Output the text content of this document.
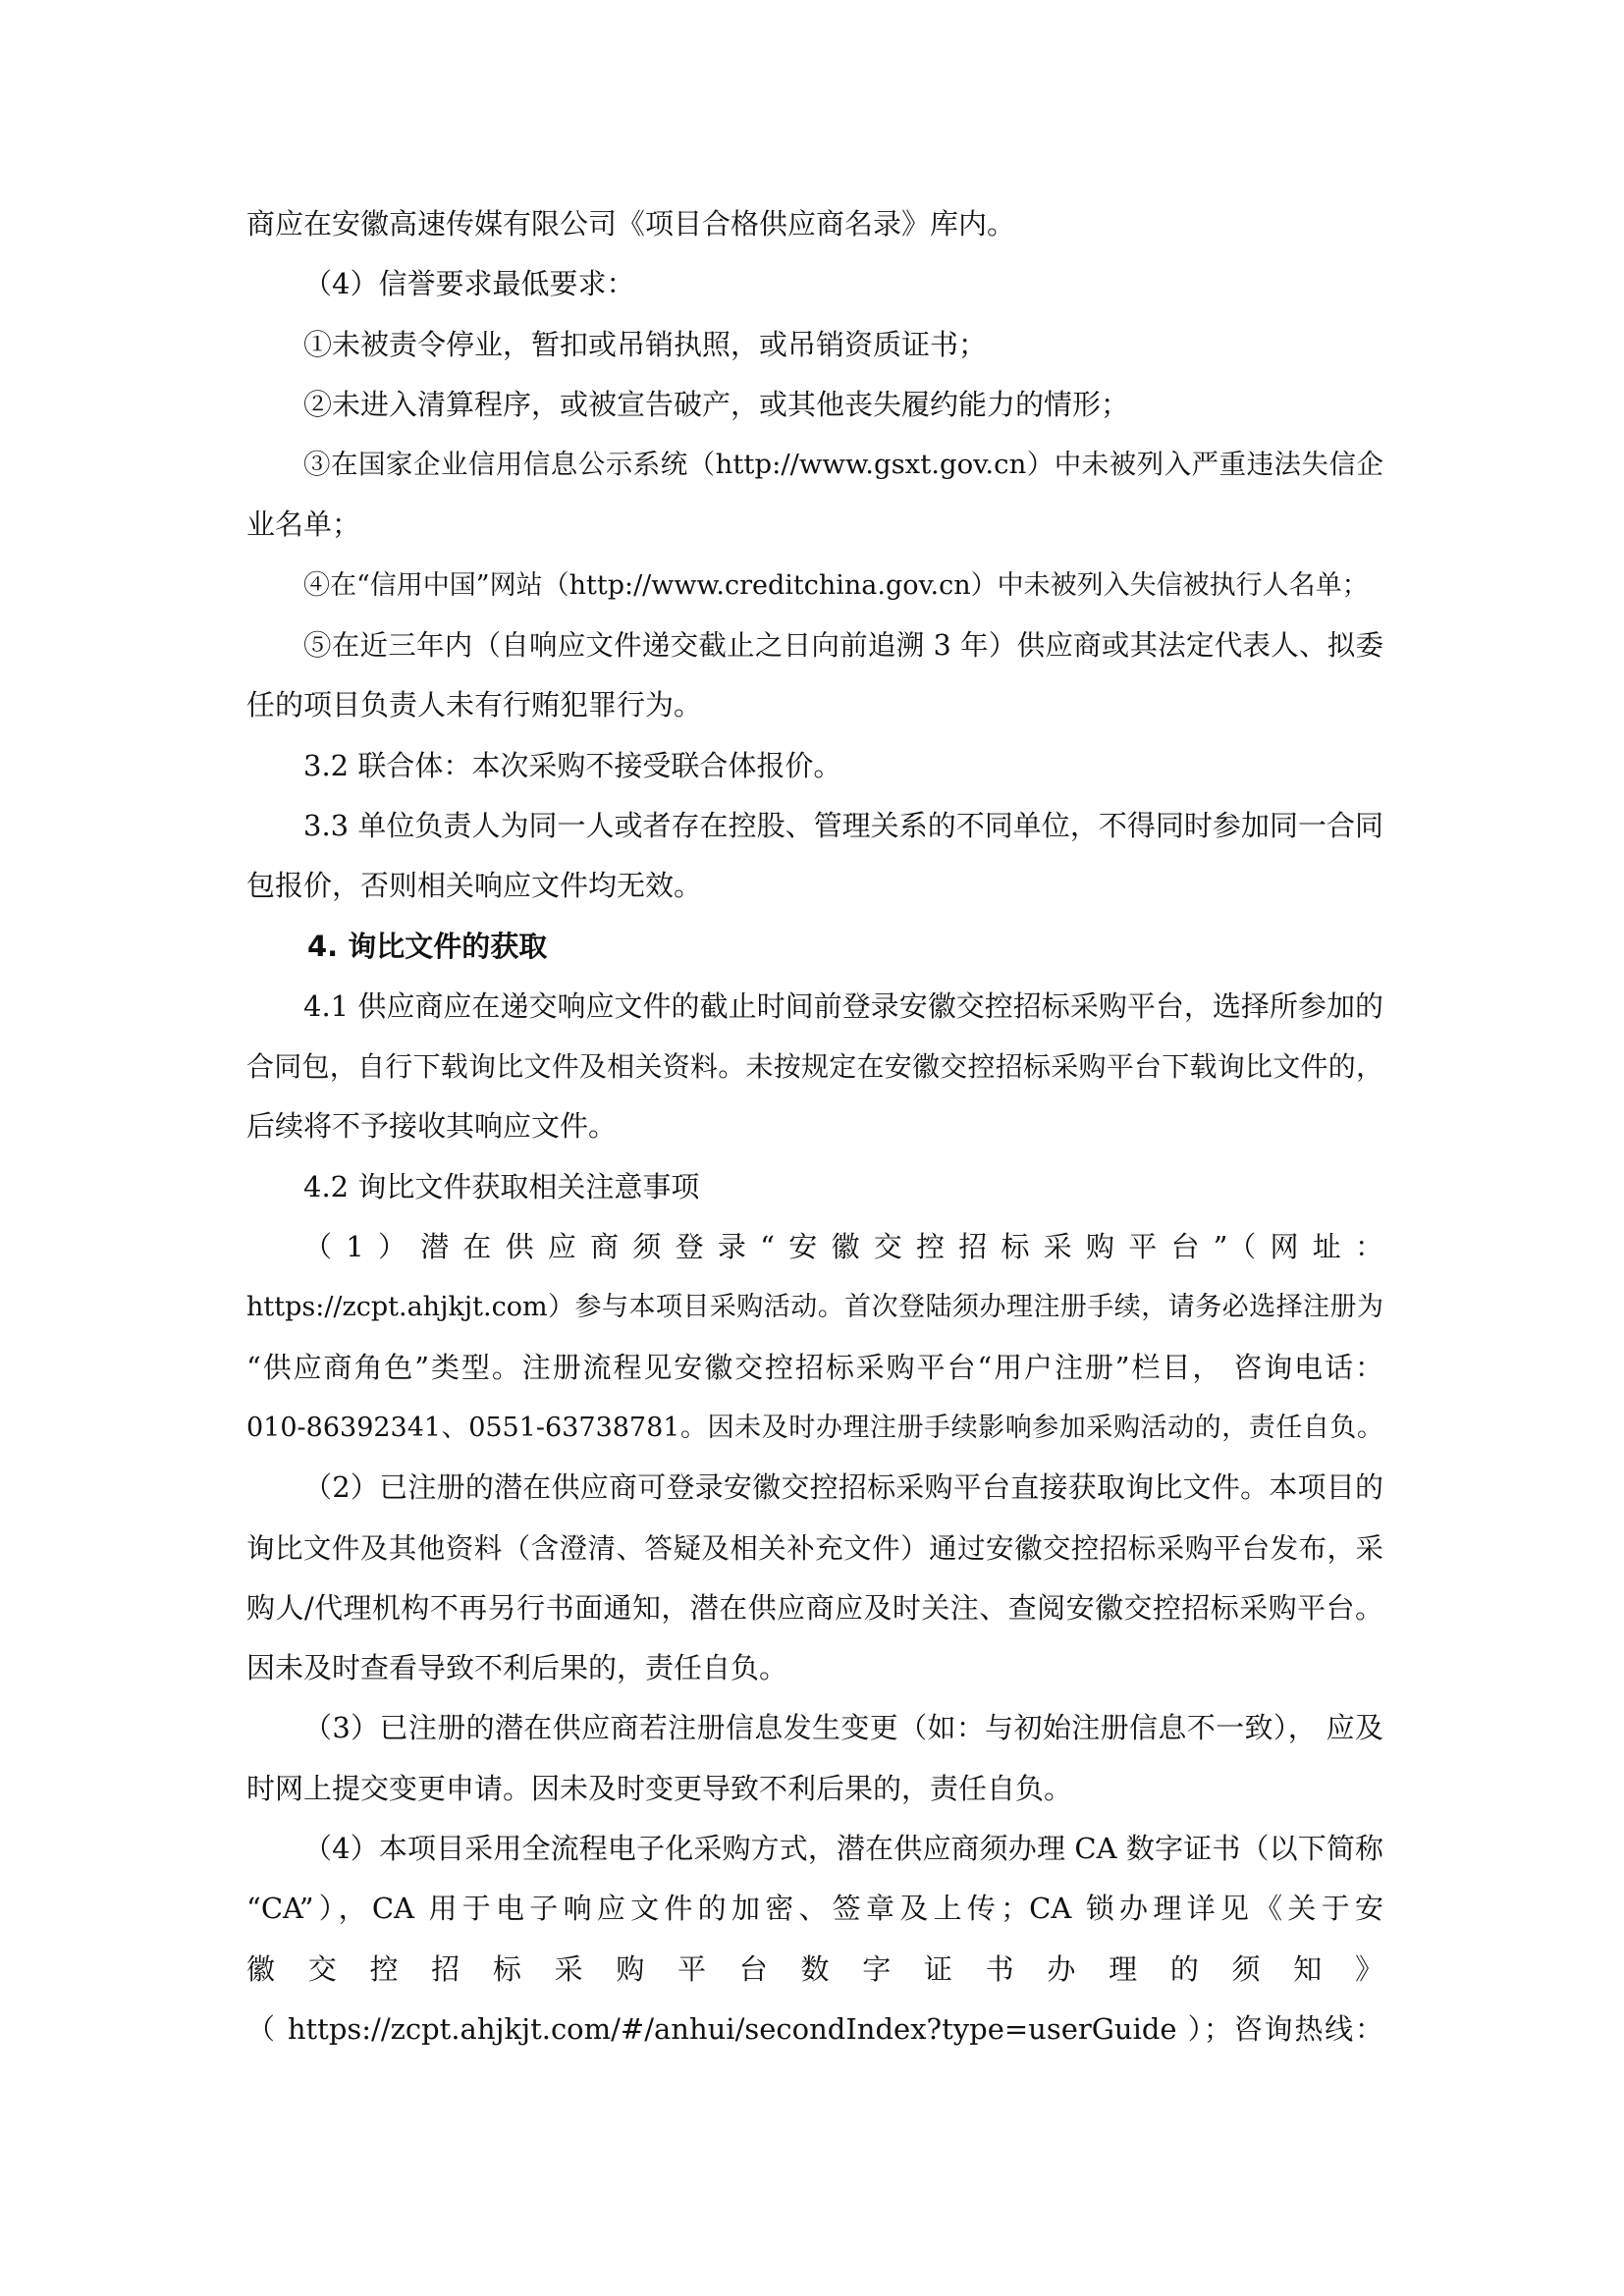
商应在安徽高速传媒有限公司《项目合格供应商名录》库内。
（4）信誉要求最低要求：
①未被责令停业，暂扣或吊销执照，或吊销资质证书；
②未进入清算程序，或被宣告破产，或其他丧失履约能力的情形；
③在国家企业信用信息公示系统（http://www.gsxt.gov.cn）中未被列入严重违法失信企
业名单；
④在“信用中国”网站（http://www.creditchina.gov.cn）中未被列入失信被执行人名单；
⑤在近三年内（自响应文件递交截止之日向前追溯 3 年）供应商或其法定代表人、拟委
任的项目负责人未有行贿犯罪行为。
3.2 联合体：本次采购不接受联合体报价。
3.3 单位负责人为同一人或者存在控股、管理关系的不同单位，不得同时参加同一合同
包报价，否则相关响应文件均无效。
4. 询比文件的获取
4.1 供应商应在递交响应文件的截止时间前登录安徽交控招标采购平台，选择所参加的
合同包，自行下载询比文件及相关资料。未按规定在安徽交控招标采购平台下载询比文件的，
后续将不予接收其响应文件。
4.2 询比文件获取相关注意事项
（1）潜在供应商须登录“安徽交控招标采购平台”（网址：
https://zcpt.ahjkjt.com）参与本项目采购活动。首次登陆须办理注册手续，请务必选择注册为
“供应商角色”类型。注册流程见安徽交控招标采购平台“用户注册”栏目， 咨询电话：
010-86392341、0551-63738781。因未及时办理注册手续影响参加采购活动的，责任自负。
（2）已注册的潜在供应商可登录安徽交控招标采购平台直接获取询比文件。本项目的
询比文件及其他资料（含澄清、答疑及相关补充文件）通过安徽交控招标采购平台发布，采
购人/代理机构不再另行书面通知，潜在供应商应及时关注、查阅安徽交控招标采购平台。
因未及时查看导致不利后果的，责任自负。
（3）已注册的潜在供应商若注册信息发生变更（如：与初始注册信息不一致）， 应及
时网上提交变更申请。因未及时变更导致不利后果的，责任自负。
（4）本项目采用全流程电子化采购方式，潜在供应商须办理 CA 数字证书（以下简称
“CA”），CA 用于电子响应文件的加密、签章及上传；CA 锁办理详见《关于安
徽交控招标采购平台数字证书办理的须知》
（ https://zcpt.ahjkjt.com/#/anhui/secondIndex?type=userGuide ）；咨询热线：
